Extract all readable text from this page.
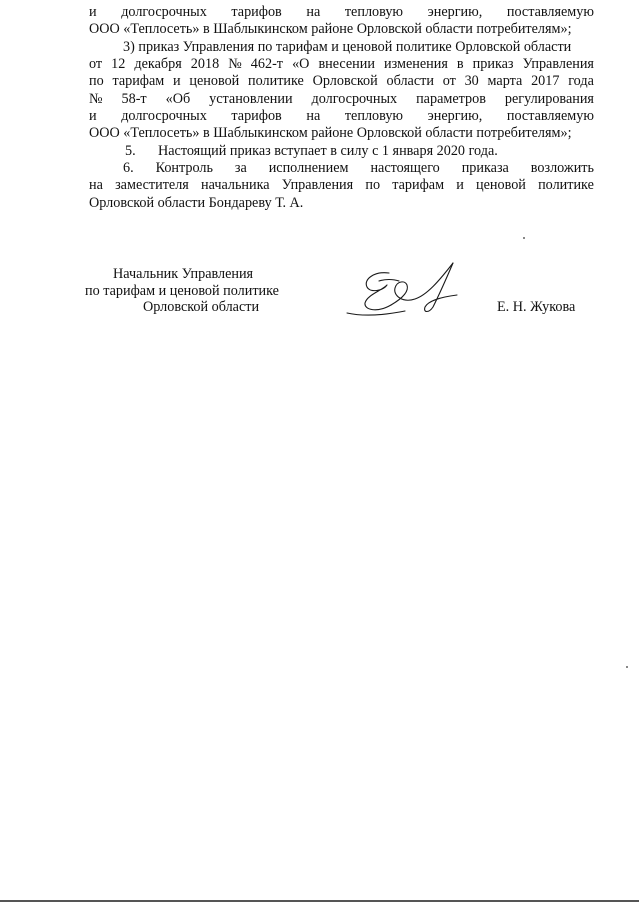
и долгосрочных тарифов на тепловую энергию, поставляемую
ООО «Теплосеть» в Шаблыкинском районе Орловской области потребителям»;
3) приказ Управления по тарифам и ценовой политике Орловской области
от 12 декабря 2018 № 462-т «О внесении изменения в приказ Управления
по тарифам и ценовой политике Орловской области от 30 марта 2017 года
№ 58-т «Об установлении долгосрочных параметров регулирования
и долгосрочных тарифов на тепловую энергию, поставляемую
ООО «Теплосеть» в Шаблыкинском районе Орловской области потребителям»;
5.	Настоящий приказ вступает в силу с 1 января 2020 года.
6. Контроль за исполнением настоящего приказа возложить
на заместителя начальника Управления по тарифам и ценовой политике
Орловской области Бондареву Т. А.
Начальник Управления
по тарифам и ценовой политике
Орловской области	Е. Н. Жукова
